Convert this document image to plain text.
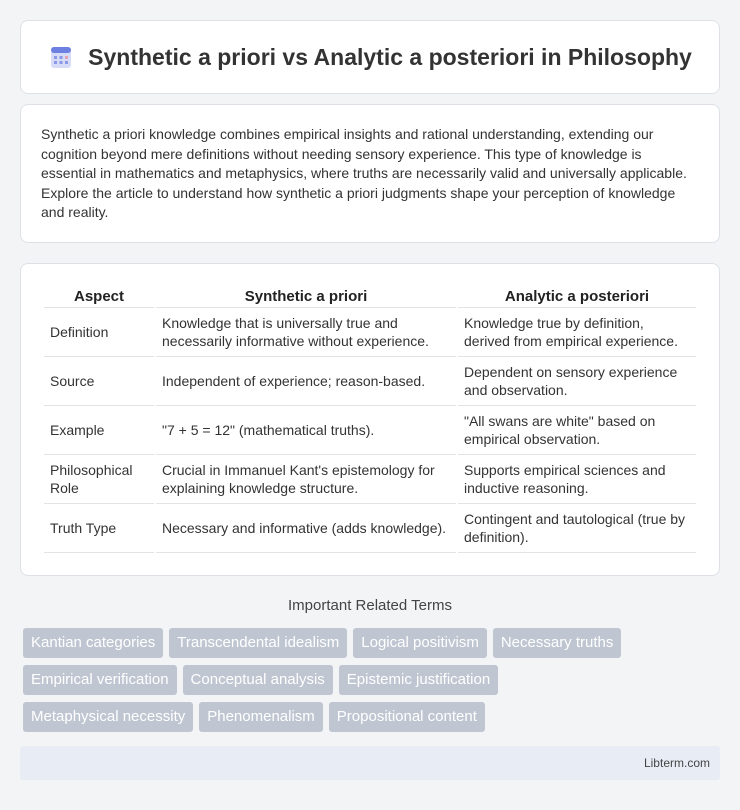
Synthetic a priori vs Analytic a posteriori in Philosophy

Synthetic a priori knowledge combines empirical insights and rational understanding, extending our cognition beyond mere definitions without needing sensory experience. This type of knowledge is essential in mathematics and metaphysics, where truths are necessarily valid and universally applicable. Explore the article to understand how synthetic a priori judgments shape your perception of knowledge and reality.

Aspect	Synthetic a priori	Analytic a posteriori
Definition	Knowledge that is universally true and necessarily informative without experience.	Knowledge true by definition, derived from empirical experience.
Source	Independent of experience; reason-based.	Dependent on sensory experience and observation.
Example	"7 + 5 = 12" (mathematical truths).	"All swans are white" based on empirical observation.
Philosophical Role	Crucial in Immanuel Kant's epistemology for explaining knowledge structure.	Supports empirical sciences and inductive reasoning.
Truth Type	Necessary and informative (adds knowledge).	Contingent and tautological (true by definition).
Important Related Terms
Kantian categories	Transcendental idealism	Logical positivism	Necessary truths
Empirical verification	Conceptual analysis	Epistemic justification
Metaphysical necessity	Phenomenalism	Propositional content
Libterm.com
